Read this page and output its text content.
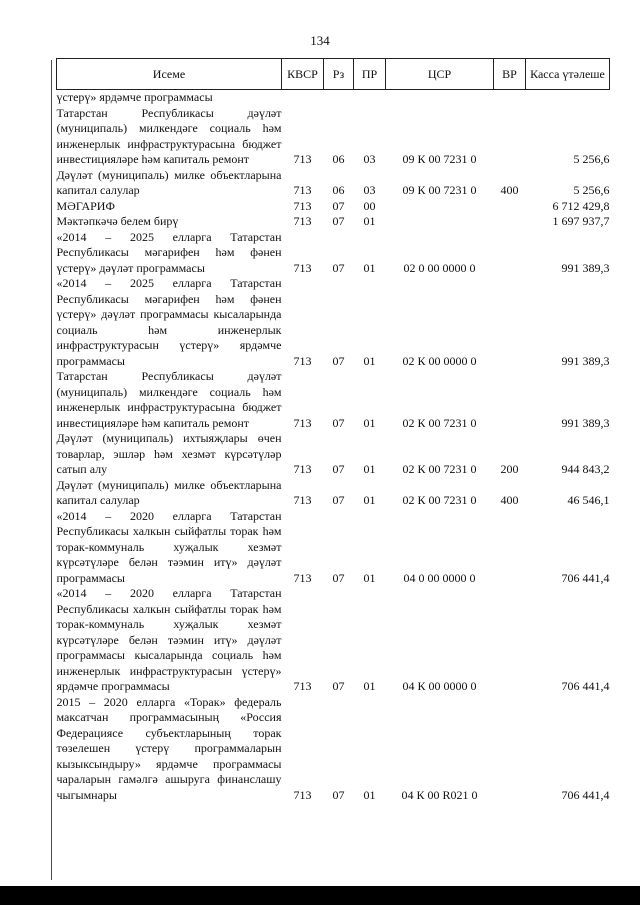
134
Исеме	КВСР	Рз	ПР	ЦСР	ВР	Касса үтәлеше
үстерү» ярдәмче программасы						
Татарстан Республикасы дәүләт (муниципаль) милкендәге социаль һәм инженерлык инфраструктурасына бюджет инвестицияләре һәм капиталь ремонт	713	06	03	09 К 00 7231 0		5 256,6
Дәүләт (муниципаль) милке объектларына капитал салулар	713	06	03	09 К 00 7231 0	400	5 256,6
МӘГАРИФ	713	07	00			6 712 429,8
Мәктәпкәчә белем бирү	713	07	01			1 697 937,7
«2014 – 2025 елларга Татарстан Республикасы мәгарифен һәм фәнен үстерү» дәүләт программасы	713	07	01	02 0 00 0000 0		991 389,3
«2014 – 2025 елларга Татарстан Республикасы мәгарифен һәм фәнен үстерү» дәүләт программасы кысаларында социаль һәм инженерлык инфраструктурасын үстерү» ярдәмче программасы	713	07	01	02 К 00 0000 0		991 389,3
Татарстан Республикасы дәүләт (муниципаль) милкендәге социаль һәм инженерлык инфраструктурасына бюджет инвестицияләре һәм капиталь ремонт	713	07	01	02 К 00 7231 0		991 389,3
Дәүләт (муниципаль) ихтыяҗлары өчен товарлар, эшләр һәм хезмәт күрсәтүләр сатып алу	713	07	01	02 К 00 7231 0	200	944 843,2
Дәүләт (муниципаль) милке объектларына капитал салулар	713	07	01	02 К 00 7231 0	400	46 546,1
«2014 – 2020 елларга Татарстан Республикасы халкын сыйфатлы торак һәм торак-коммуналь хуҗалык хезмәт күрсәтүләре белән тәэмин итү» дәүләт программасы	713	07	01	04 0 00 0000 0		706 441,4
«2014 – 2020 елларга Татарстан Республикасы халкын сыйфатлы торак һәм торак-коммуналь хуҗалык хезмәт күрсәтүләре белән тәэмин итү» дәүләт программасы кысаларында социаль һәм инженерлык инфраструктурасын үстерү» ярдәмче программасы	713	07	01	04 К 00 0000 0		706 441,4
2015 – 2020 елларга «Торак» федераль максатчан программасының «Россия Федерациясе субъектларының торак төзелешен үстерү программаларын кызыксындыру» ярдәмче программасы чараларын гамәлгә ашыруга финанслашу чыгымнары	713	07	01	04 К 00 R021 0		706 441,4
